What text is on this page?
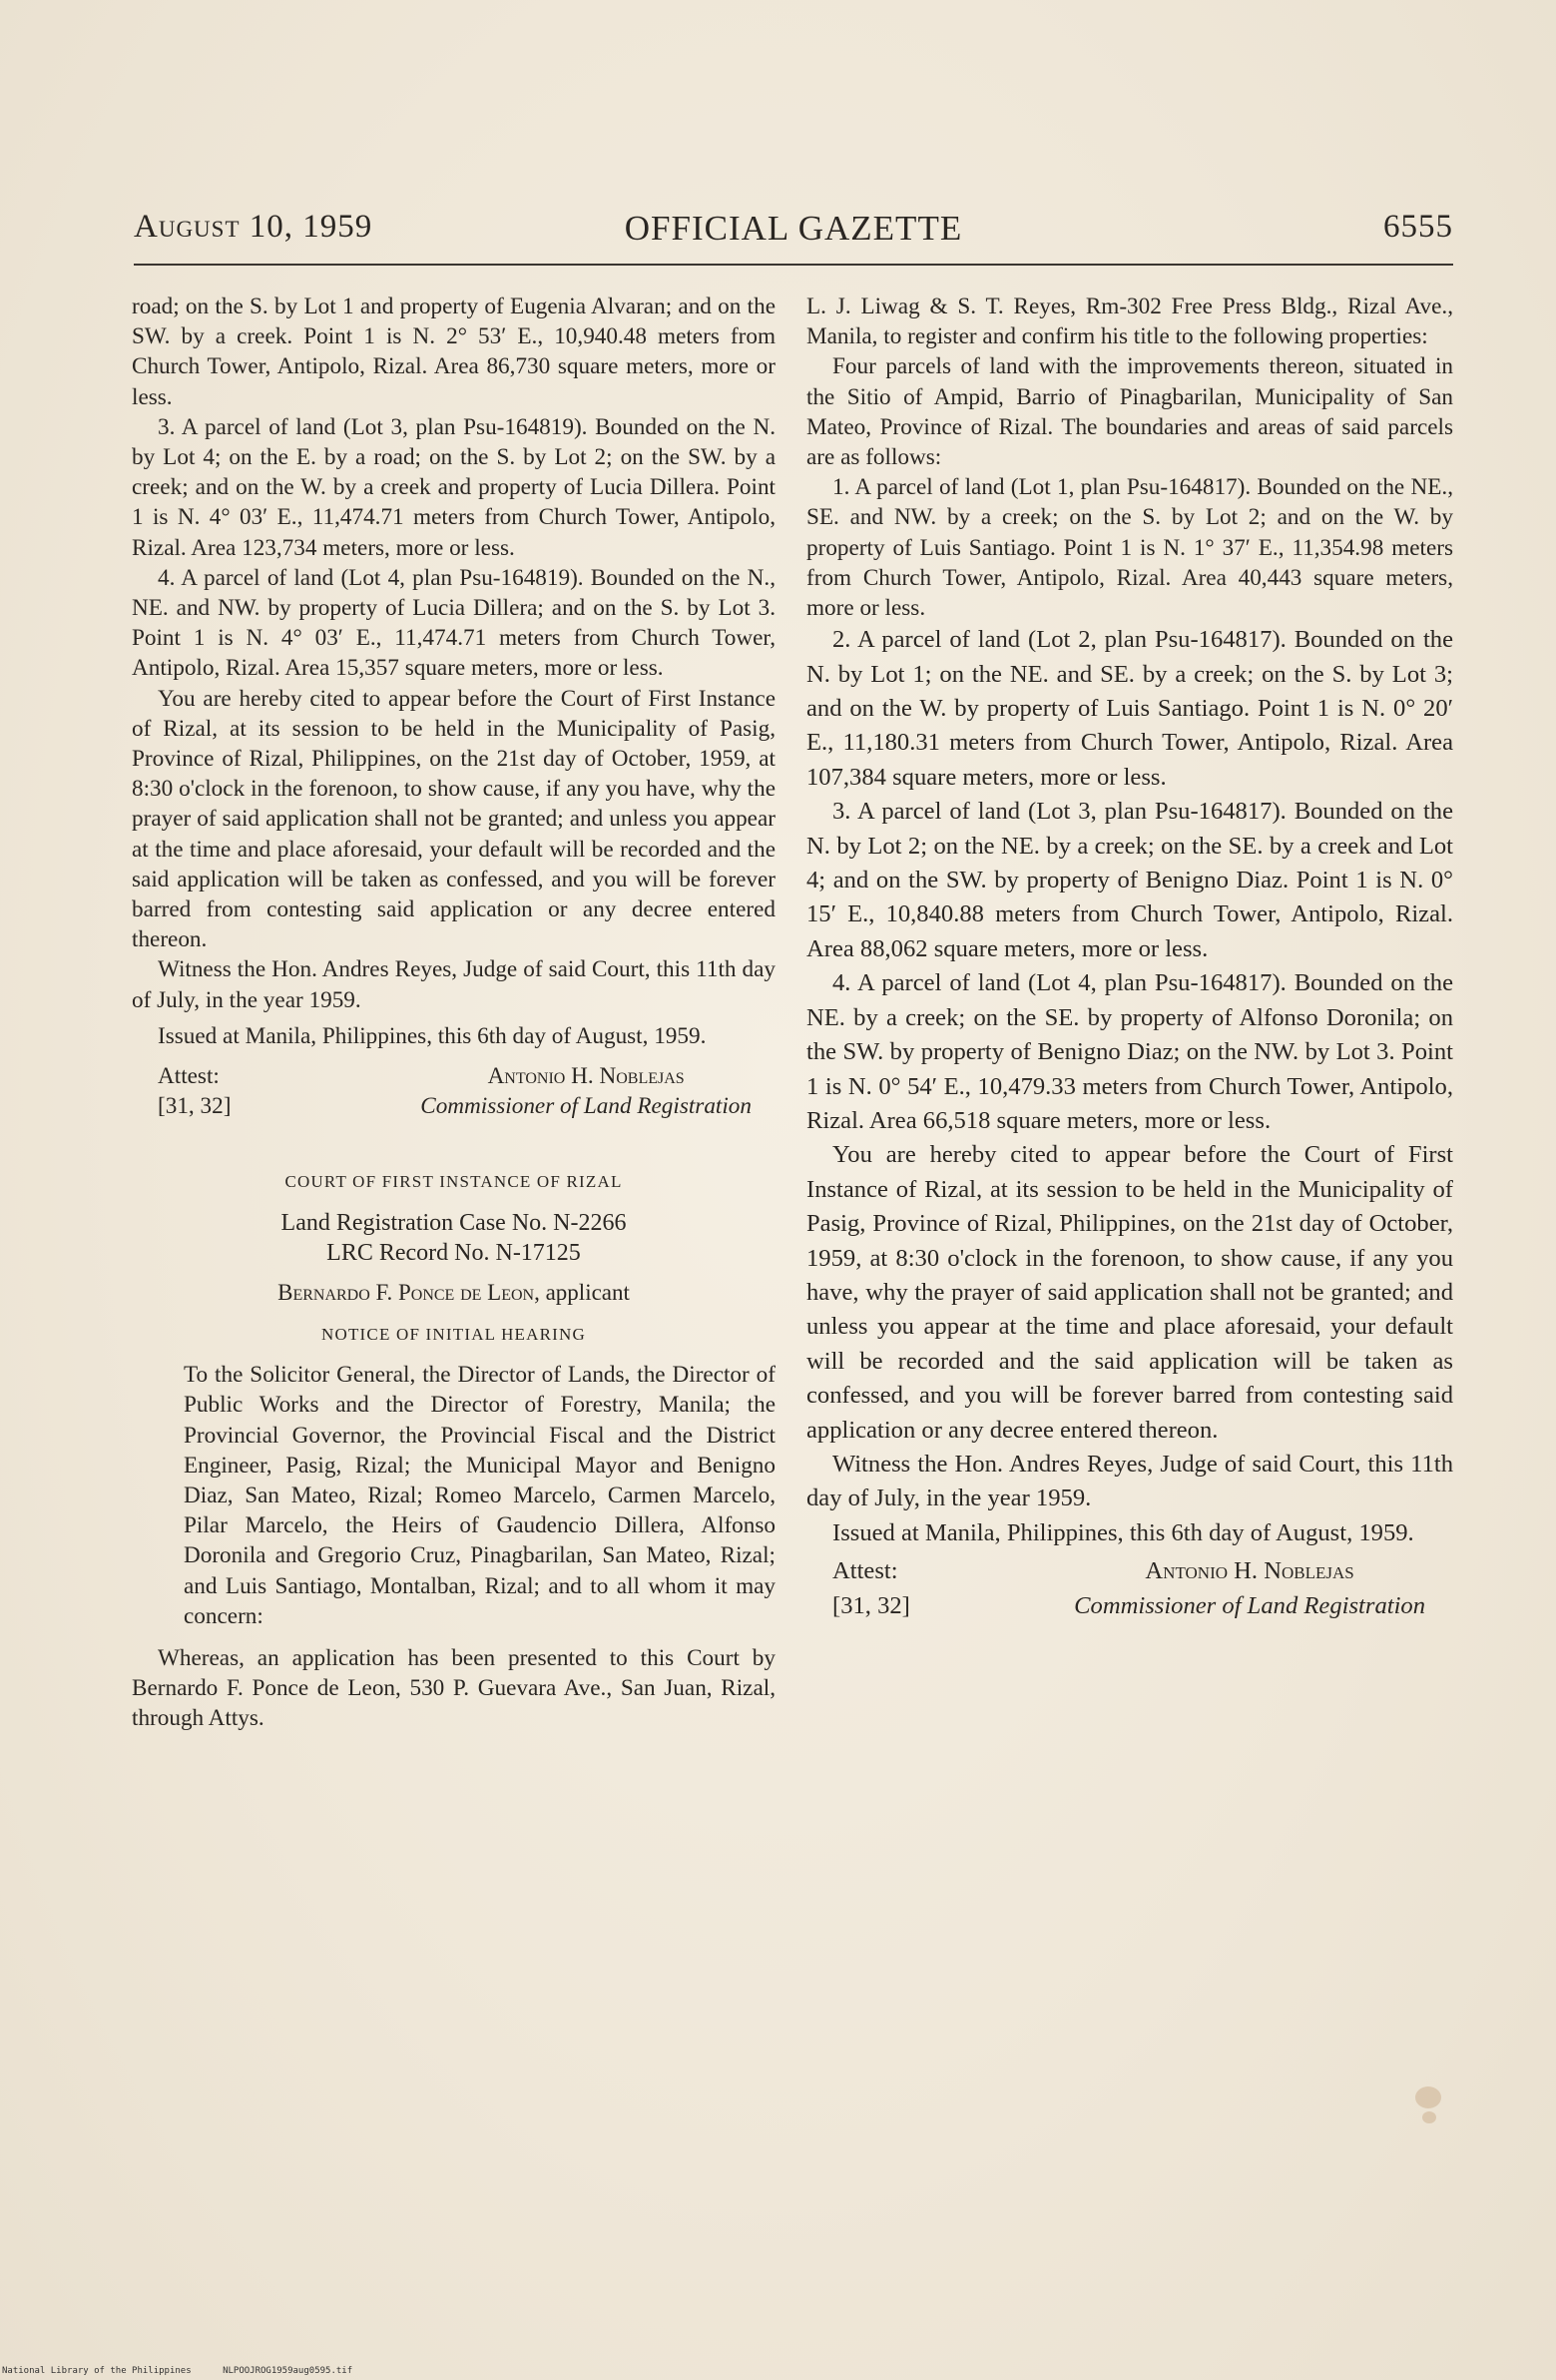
August 10, 1959	OFFICIAL GAZETTE	6555

road; on the S. by Lot 1 and property of Eugenia Alvaran; and on the SW. by a creek. Point 1 is N. 2° 53′ E., 10,940.48 meters from Church Tower, Antipolo, Rizal. Area 86,730 square meters, more or less.

3. A parcel of land (Lot 3, plan Psu-164819). Bounded on the N. by Lot 4; on the E. by a road; on the S. by Lot 2; on the SW. by a creek; and on the W. by a creek and property of Lucia Dillera. Point 1 is N. 4° 03′ E., 11,474.71 meters from Church Tower, Antipolo, Rizal. Area 123,734 meters, more or less.

4. A parcel of land (Lot 4, plan Psu-164819). Bounded on the N., NE. and NW. by property of Lucia Dillera; and on the S. by Lot 3. Point 1 is N. 4° 03′ E., 11,474.71 meters from Church Tower, Antipolo, Rizal. Area 15,357 square meters, more or less.

You are hereby cited to appear before the Court of First Instance of Rizal, at its session to be held in the Municipality of Pasig, Province of Rizal, Philippines, on the 21st day of October, 1959, at 8:30 o'clock in the forenoon, to show cause, if any you have, why the prayer of said application shall not be granted; and unless you appear at the time and place aforesaid, your default will be recorded and the said application will be taken as confessed, and you will be forever barred from contesting said application or any decree entered thereon.

Witness the Hon. Andres Reyes, Judge of said Court, this 11th day of July, in the year 1959.

Issued at Manila, Philippines, this 6th day of August, 1959.

Attest:
[31, 32]
Antonio H. Noblejas
Commissioner of Land Registration
COURT OF FIRST INSTANCE OF RIZAL
Land Registration Case No. N-2266
LRC Record No. N-17125
Bernardo F. Ponce de Leon, applicant
NOTICE OF INITIAL HEARING

To the Solicitor General, the Director of Lands, the Director of Public Works and the Director of Forestry, Manila; the Provincial Governor, the Provincial Fiscal and the District Engineer, Pasig, Rizal; the Municipal Mayor and Benigno Diaz, San Mateo, Rizal; Romeo Marcelo, Carmen Marcelo, Pilar Marcelo, the Heirs of Gaudencio Dillera, Alfonso Doronila and Gregorio Cruz, Pinagbarilan, San Mateo, Rizal; and Luis Santiago, Montalban, Rizal; and to all whom it may concern:

Whereas, an application has been presented to this Court by Bernardo F. Ponce de Leon, 530 P. Guevara Ave., San Juan, Rizal, through Attys.

L. J. Liwag & S. T. Reyes, Rm-302 Free Press Bldg., Rizal Ave., Manila, to register and confirm his title to the following properties:

Four parcels of land with the improvements thereon, situated in the Sitio of Ampid, Barrio of Pinagbarilan, Municipality of San Mateo, Province of Rizal. The boundaries and areas of said parcels are as follows:

1. A parcel of land (Lot 1, plan Psu-164817). Bounded on the NE., SE. and NW. by a creek; on the S. by Lot 2; and on the W. by property of Luis Santiago. Point 1 is N. 1° 37′ E., 11,354.98 meters from Church Tower, Antipolo, Rizal. Area 40,443 square meters, more or less.

2. A parcel of land (Lot 2, plan Psu-164817). Bounded on the N. by Lot 1; on the NE. and SE. by a creek; on the S. by Lot 3; and on the W. by property of Luis Santiago. Point 1 is N. 0° 20′ E., 11,180.31 meters from Church Tower, Antipolo, Rizal. Area 107,384 square meters, more or less.

3. A parcel of land (Lot 3, plan Psu-164817). Bounded on the N. by Lot 2; on the NE. by a creek; on the SE. by a creek and Lot 4; and on the SW. by property of Benigno Diaz. Point 1 is N. 0° 15′ E., 10,840.88 meters from Church Tower, Antipolo, Rizal. Area 88,062 square meters, more or less.

4. A parcel of land (Lot 4, plan Psu-164817). Bounded on the NE. by a creek; on the SE. by property of Alfonso Doronila; on the SW. by property of Benigno Diaz; on the NW. by Lot 3. Point 1 is N. 0° 54′ E., 10,479.33 meters from Church Tower, Antipolo, Rizal. Area 66,518 square meters, more or less.

You are hereby cited to appear before the Court of First Instance of Rizal, at its session to be held in the Municipality of Pasig, Province of Rizal, Philippines, on the 21st day of October, 1959, at 8:30 o'clock in the forenoon, to show cause, if any you have, why the prayer of said application shall not be granted; and unless you appear at the time and place aforesaid, your default will be recorded and the said application will be taken as confessed, and you will be forever barred from contesting said application or any decree entered thereon.

Witness the Hon. Andres Reyes, Judge of said Court, this 11th day of July, in the year 1959.

Issued at Manila, Philippines, this 6th day of August, 1959.

Attest:
[31, 32]
Antonio H. Noblejas
Commissioner of Land Registration
National Library of the Philippines	NLPOOJROG1959aug0595.tif
